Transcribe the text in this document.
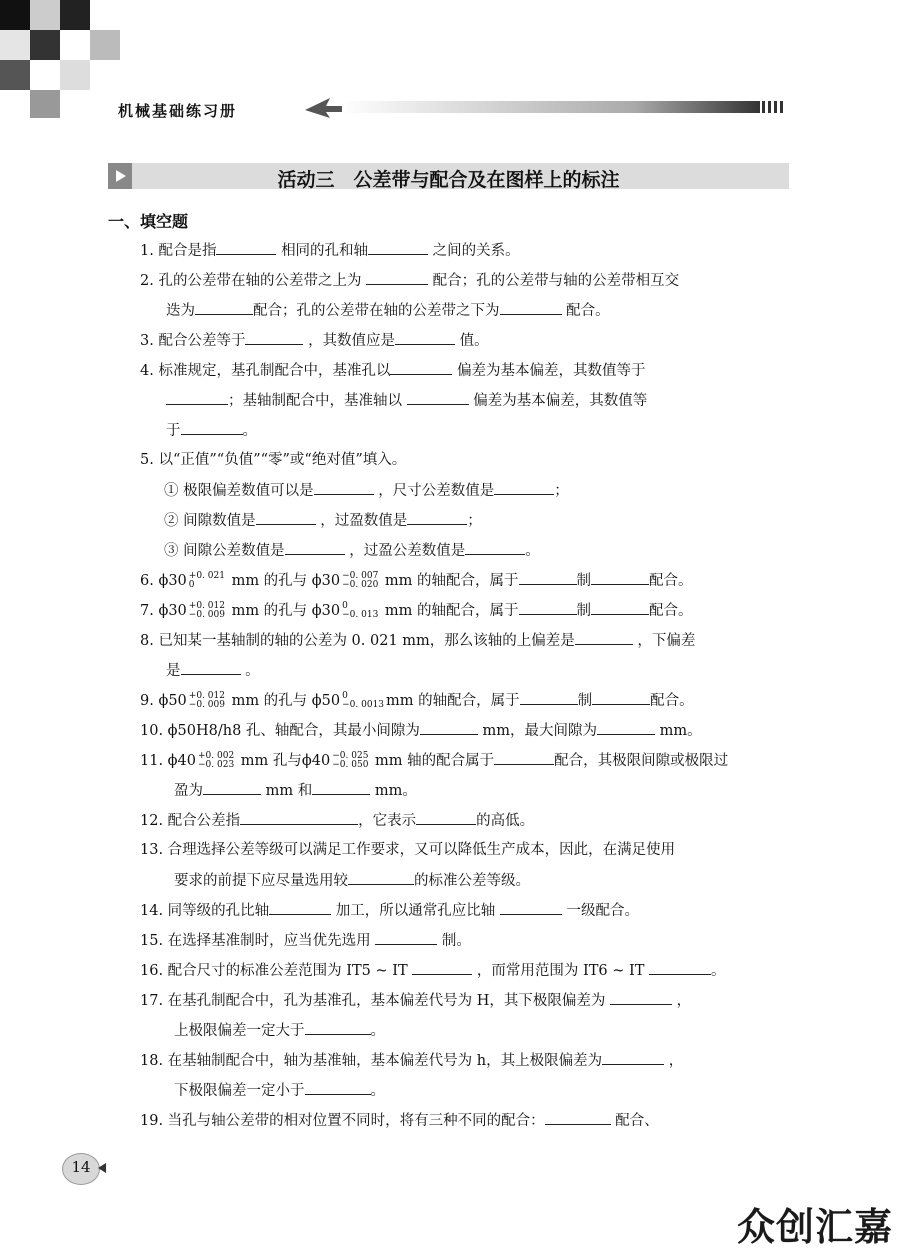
机械基础练习册
活动三　公差带与配合及在图样上的标注
一、填空题
1. 配合是指	相同的孔和轴	之间的关系。
2. 孔的公差带在轴的公差带之上为	配合；孔的公差带与轴的公差带相互交
迭为	配合；孔的公差带在轴的公差带之下为	配合。
3. 配合公差等于	，其数值应是	值。
4. 标准规定，基孔制配合中，基准孔以	偏差为基本偏差，其数值等于
；基轴制配合中，基准轴以	偏差为基本偏差，其数值等
于	。
5. 以“正值”“负值”“零”或“绝对值”填入。
① 极限偏差数值可以是	，尺寸公差数值是	；
② 间隙数值是	，过盈数值是	；
③ 间隙公差数值是	，过盈公差数值是	。
6. ϕ30 +0. 021
0	mm 的孔与 ϕ30 −0. 007
−0. 020 mm 的轴配合，属于	制	配合。
7. ϕ30 +0. 012
−0. 009 mm 的孔与 ϕ30 0
−0. 013 mm 的轴配合，属于	制	配合。
8. 已知某一基轴制的轴的公差为 0. 021 mm，那么该轴的上偏差是	，下偏差
是	。
9. ϕ50 +0. 012
−0. 009 mm 的孔与 ϕ50 0
−0. 0013 mm 的轴配合，属于	制	配合。
10. ϕ50H8/h8 孔、轴配合，其最小间隙为	mm，最大间隙为	mm。
11. ϕ40 +0. 002
−0. 023 mm 孔与ϕ40 −0. 025
−0. 050 mm 轴的配合属于	配合，其极限间隙或极限过
盈为	mm 和	mm。
12. 配合公差指	，它表示	的高低。
13. 合理选择公差等级可以满足工作要求，又可以降低生产成本，因此，在满足使用
要求的前提下应尽量选用较	的标准公差等级。
14. 同等级的孔比轴	加工，所以通常孔应比轴	一级配合。
15. 在选择基准制时，应当优先选用	制。
16. 配合尺寸的标准公差范围为 IT5 ~ IT	，而常用范围为 IT6 ~ IT	。
17. 在基孔制配合中，孔为基准孔，基本偏差代号为 H，其下极限偏差为	，
上极限偏差一定大于	。
18. 在基轴制配合中，轴为基准轴，基本偏差代号为 h，其上极限偏差为	，
下极限偏差一定小于	。
19. 当孔与轴公差带的相对位置不同时，将有三种不同的配合：	配合、
14
众创汇嘉
